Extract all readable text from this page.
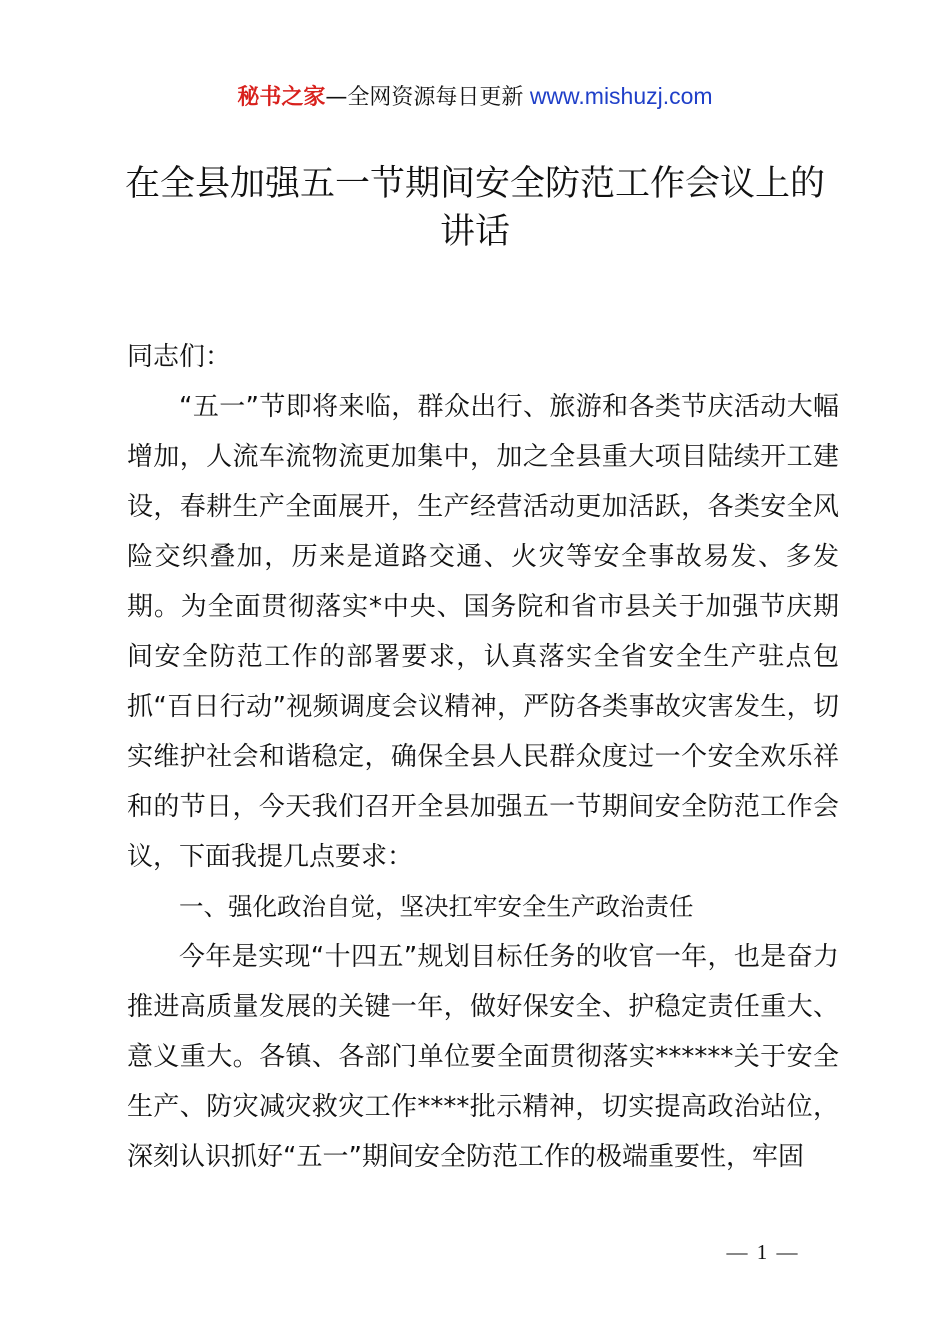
秘书之家—全网资源每日更新 www.mishuzj.com
在全县加强五一节期间安全防范工作会议上的讲话

同志们：

“五一”节即将来临，群众出行、旅游和各类节庆活动大幅增加，人流车流物流更加集中，加之全县重大项目陆续开工建设，春耕生产全面展开，生产经营活动更加活跃，各类安全风险交织叠加，历来是道路交通、火灾等安全事故易发、多发期。为全面贯彻落实*中央、国务院和省市县关于加强节庆期间安全防范工作的部署要求，认真落实全省安全生产驻点包抓“百日行动”视频调度会议精神，严防各类事故灾害发生，切实维护社会和谐稳定，确保全县人民群众度过一个安全欢乐祥和的节日，今天我们召开全县加强五一节期间安全防范工作会议，下面我提几点要求：

一、强化政治自觉，坚决扛牢安全生产政治责任

今年是实现“十四五”规划目标任务的收官一年，也是奋力推进高质量发展的关键一年，做好保安全、护稳定责任重大、意义重大。各镇、各部门单位要全面贯彻落实******关于安全生产、防灾减灾救灾工作****批示精神，切实提高政治站位，深刻认识抓好“五一”期间安全防范工作的极端重要性，牢固

— 1 —
